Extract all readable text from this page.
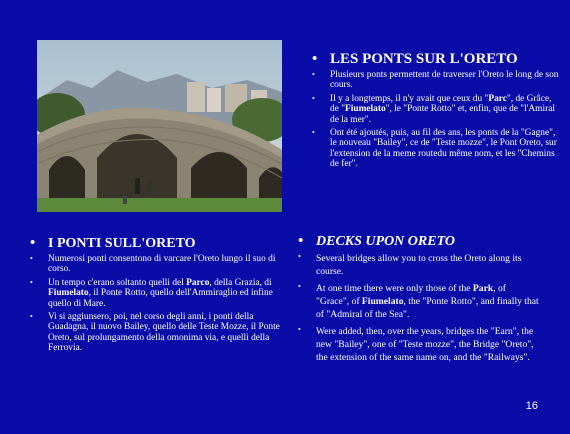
• LES PONTS SUR L'ORETO
•	Plusieurs ponts permettent de traverser l'Oreto le long de son cours.
•	Il y a longtemps, il n'y avait que ceux du "Parc", de Grâce, de "Fiumelato", le "Ponte Rotto" et, enfin, que de "l'Amiral de la mer".
•	Ont été ajoutés, puis, au fil des ans, les ponts de la "Gagne", le nouveau "Bailey", ce de "Teste mozze", le Pont Oreto, sur l'extension de la meme routedu même nom, et les "Chemins de fer".
• I PONTI SULL'ORETO
•	Numerosi ponti consentono di varcare l'Oreto lungo il suo di corso.
•	Un tempo c'erano soltanto quelli del Parco, della Grazia, di Fiumelato, il Ponte Rotto, quello dell'Ammiraglio ed infine quello di Mare.
•	Vi si aggiunsero, poi, nel corso degli anni, i ponti della Guadagna, il nuovo Bailey, quello delle Teste Mozze, il Ponte Oreto, sul prolungamento della omonima via, e quelli della Ferrovia.
• DECKS UPON ORETO
•	Several bridges allow you to cross the Oreto along its course.
•	At one time there were only those of the Park, of "Grace", of Fiumelato, the "Ponte Rotto", and finally that of "Admiral of the Sea".
•	Were added, then, over the years, bridges the "Earn", the new "Bailey", one of "Teste mozze", the Bridge "Oreto", the extension of the same name on, and the "Railways".
16
